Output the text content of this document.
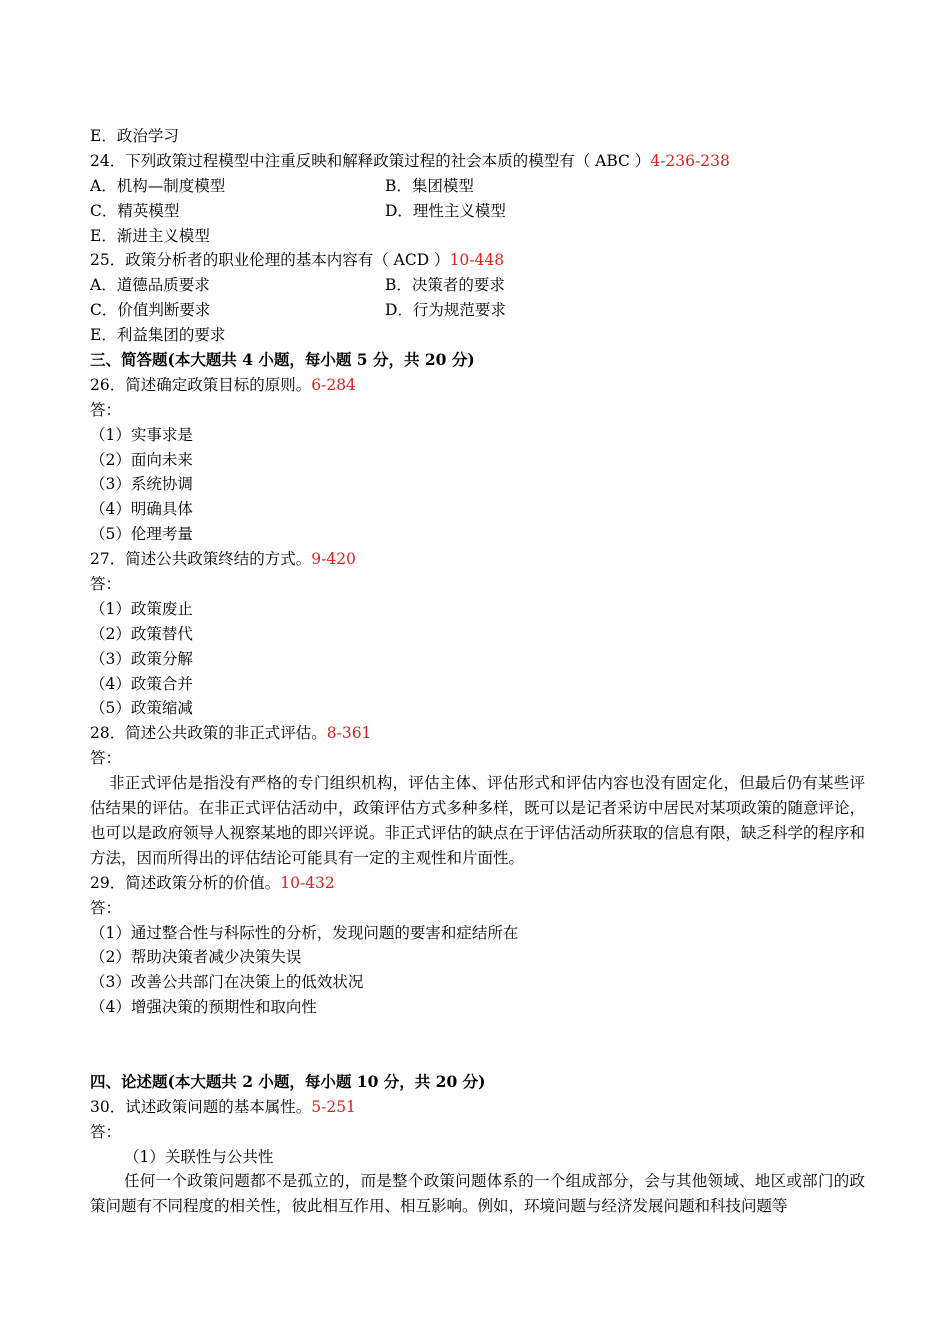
E．政治学习
24．下列政策过程模型中注重反映和解释政策过程的社会本质的模型有（ ABC ）4-236-238
A．机构—制度模型	B．集团模型
C．精英模型	D．理性主义模型
E．渐进主义模型
25．政策分析者的职业伦理的基本内容有（ ACD ）10-448
A．道德品质要求	B．决策者的要求
C．价值判断要求	D．行为规范要求
E．利益集团的要求
三、简答题(本大题共 4 小题，每小题 5 分，共 20 分)
26．简述确定政策目标的原则。6-284
答：
（1）实事求是
（2）面向未来
（3）系统协调
（4）明确具体
（5）伦理考量
27．简述公共政策终结的方式。9-420
答：
（1）政策废止
（2）政策替代
（3）政策分解
（4）政策合并
（5）政策缩减
28．简述公共政策的非正式评估。8-361
答：
非正式评估是指没有严格的专门组织机构，评估主体、评估形式和评估内容也没有固定化，但最后仍有某些评估结果的评估。在非正式评估活动中，政策评估方式多种多样，既可以是记者采访中居民对某项政策的随意评论，也可以是政府领导人视察某地的即兴评说。非正式评估的缺点在于评估活动所获取的信息有限，缺乏科学的程序和方法，因而所得出的评估结论可能具有一定的主观性和片面性。
29．简述政策分析的价值。10-432
答：
（1）通过整合性与科际性的分析，发现问题的要害和症结所在
（2）帮助决策者减少决策失误
（3）改善公共部门在决策上的低效状况
（4）增强决策的预期性和取向性
四、论述题(本大题共 2 小题，每小题 10 分，共 20 分)
30．试述政策问题的基本属性。5-251
答：
（1）关联性与公共性
任何一个政策问题都不是孤立的，而是整个政策问题体系的一个组成部分，会与其他领域、地区或部门的政策问题有不同程度的相关性，彼此相互作用、相互影响。例如，环境问题与经济发展问题和科技问题等
